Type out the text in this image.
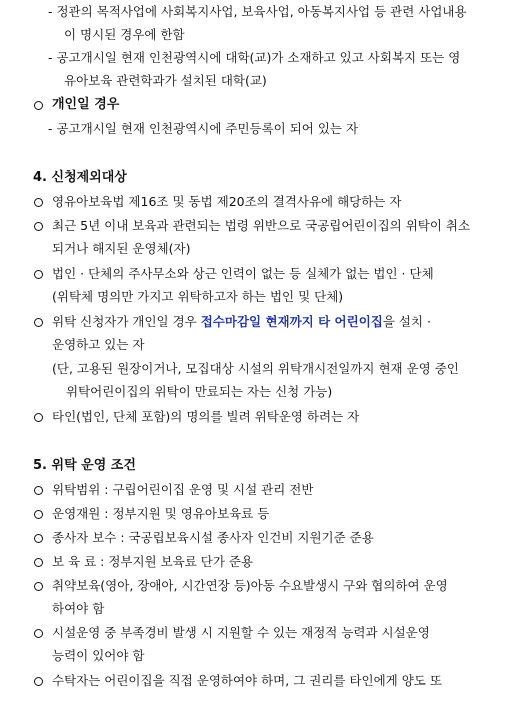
- 정관의 목적사업에 사회복지사업, 보육사업, 아동복지사업 등 관련 사업내용
이 명시된 경우에 한함
- 공고개시일 현재 인천광역시에 대학(교)가 소재하고 있고 사회복지 또는 영
유아보육 관련학과가 설치된 대학(교)
개인일 경우
- 공고개시일 현재 인천광역시에 주민등록이 되어 있는 자
4. 신청제외대상
영유아보육법 제16조 및 동법 제20조의 결격사유에 해당하는 자
최근 5년 이내 보육과 관련되는 법령 위반으로 국공립어린이집의 위탁이 취소
되거나 해지된 운영체(자)
법인 · 단체의 주사무소와 상근 인력이 없는 등 실체가 없는 법인 · 단체
(위탁체 명의만 가지고 위탁하고자 하는 법인 및 단체)
위탁 신청자가 개인일 경우 접수마감일 현재까지 타 어린이집을 설치 ·
운영하고 있는 자
(단, 고용된 원장이거나, 모집대상 시설의 위탁개시전일까지 현재 운영 중인
위탁어린이집의 위탁이 만료되는 자는 신청 가능)
타인(법인, 단체 포함)의 명의를 빌려 위탁운영 하려는 자
5. 위탁 운영 조건
위탁범위 : 구립어린이집 운영 및 시설 관리 전반
운영재원 : 정부지원 및 영유아보육료 등
종사자 보수 : 국공립보육시설 종사자 인건비 지원기준 준용
보 육 료 : 정부지원 보육료 단가 준용
취약보육(영아, 장애아, 시간연장 등)아동 수요발생시 구와 협의하여 운영
하여야 함
시설운영 중 부족경비 발생 시 지원할 수 있는 재정적 능력과 시설운영
능력이 있어야 함
수탁자는 어린이집을 직접 운영하여야 하며, 그 권리를 타인에게 양도 또
